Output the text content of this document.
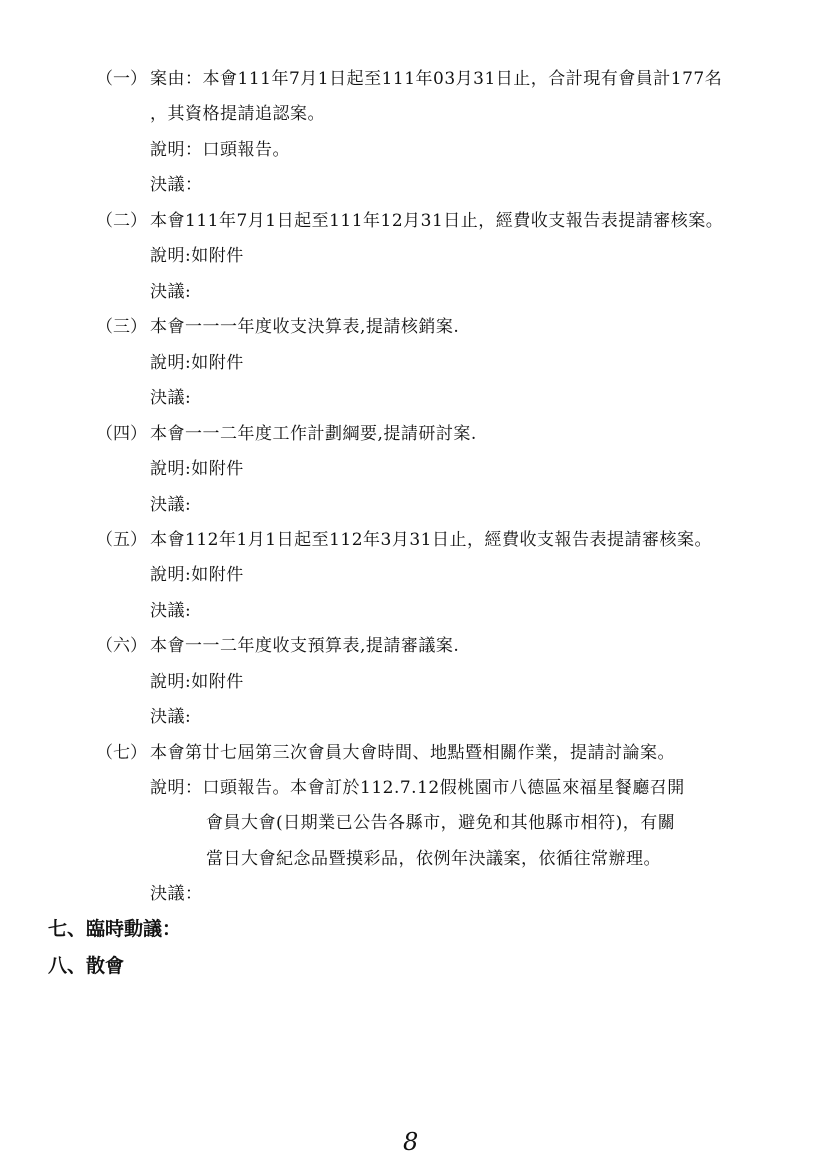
（一） 案由：本會111年7月1日起至111年03月31日止，合計現有會員計177名
，其資格提請追認案。
說明：口頭報告。
決議：
（二） 本會111年7月1日起至111年12月31日止，經費收支報告表提請審核案。
說明:如附件
決議:
（三） 本會一一一年度收支決算表,提請核銷案.
說明:如附件
決議:
（四） 本會一一二年度工作計劃綱要,提請研討案.
說明:如附件
決議:
（五） 本會112年1月1日起至112年3月31日止，經費收支報告表提請審核案。
說明:如附件
決議:
（六） 本會一一二年度收支預算表,提請審議案.
說明:如附件
決議:
（七） 本會第廿七屆第三次會員大會時間、地點暨相關作業，提請討論案。
說明：口頭報告。本會訂於112.7.12假桃園市八德區來福星餐廳召開
會員大會(日期業已公告各縣市，避免和其他縣市相符)，有關
當日大會紀念品暨摸彩品，依例年決議案，依循往常辦理。
決議：
七、臨時動議：
八、散會
8
